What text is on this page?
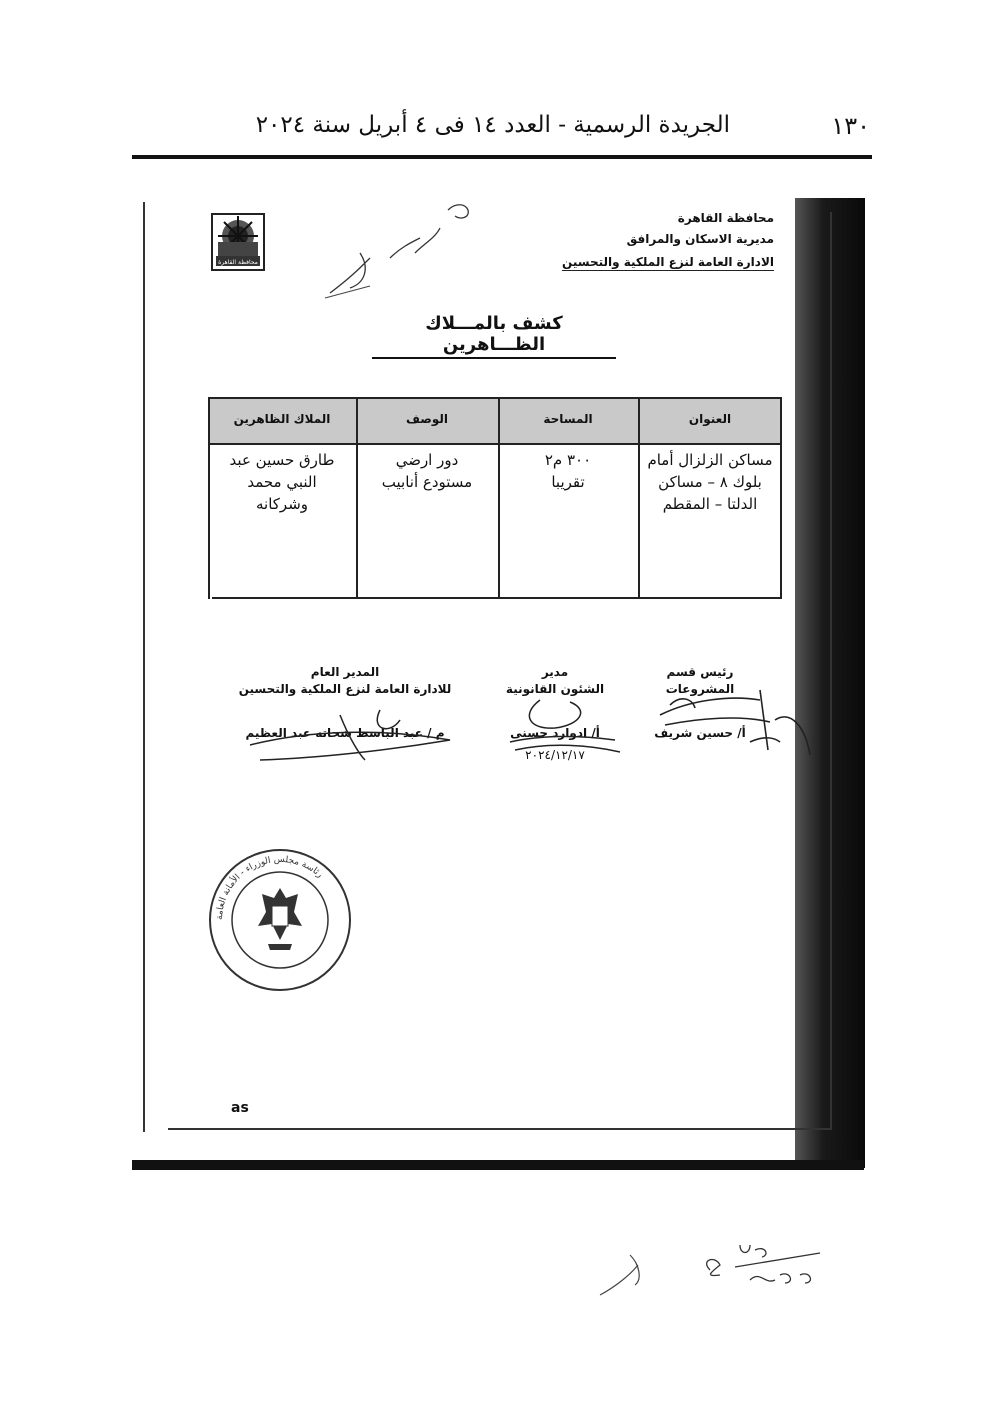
١٣٠
الجريدة الرسمية - العدد ١٤ فى ٤ أبريل سنة ٢٠٢٤
محافظة القاهرة
مديرية الاسكان والمرافق
الادارة العامة لنزع الملكية والتحسين
محافظة القاهرة
كشف بالمـــلاك الظـــاهرين
العنوان
المساحة
الوصف
الملاك الظاهرين
مساكن الزلزال أمام
بلوك ٨ – مساكن
الدلتا – المقطم
٣٠٠ م٢
تقريبا
دور ارضي
مستودع أنابيب
طارق حسين عبد
النبي محمد
وشركانه
رئيس قسم
المشروعات
أ/ حسين شريف
مدير
الشئون القانونية
أ/ ادوارد حسنى
٢٠٢٤/١٢/١٧
المدير العام
للادارة العامة لنزع الملكية والتحسين
م / عبد الباسط شحاته عبد العظيم
رئاسة مجلس الوزراء - الأمانة العامة
as
